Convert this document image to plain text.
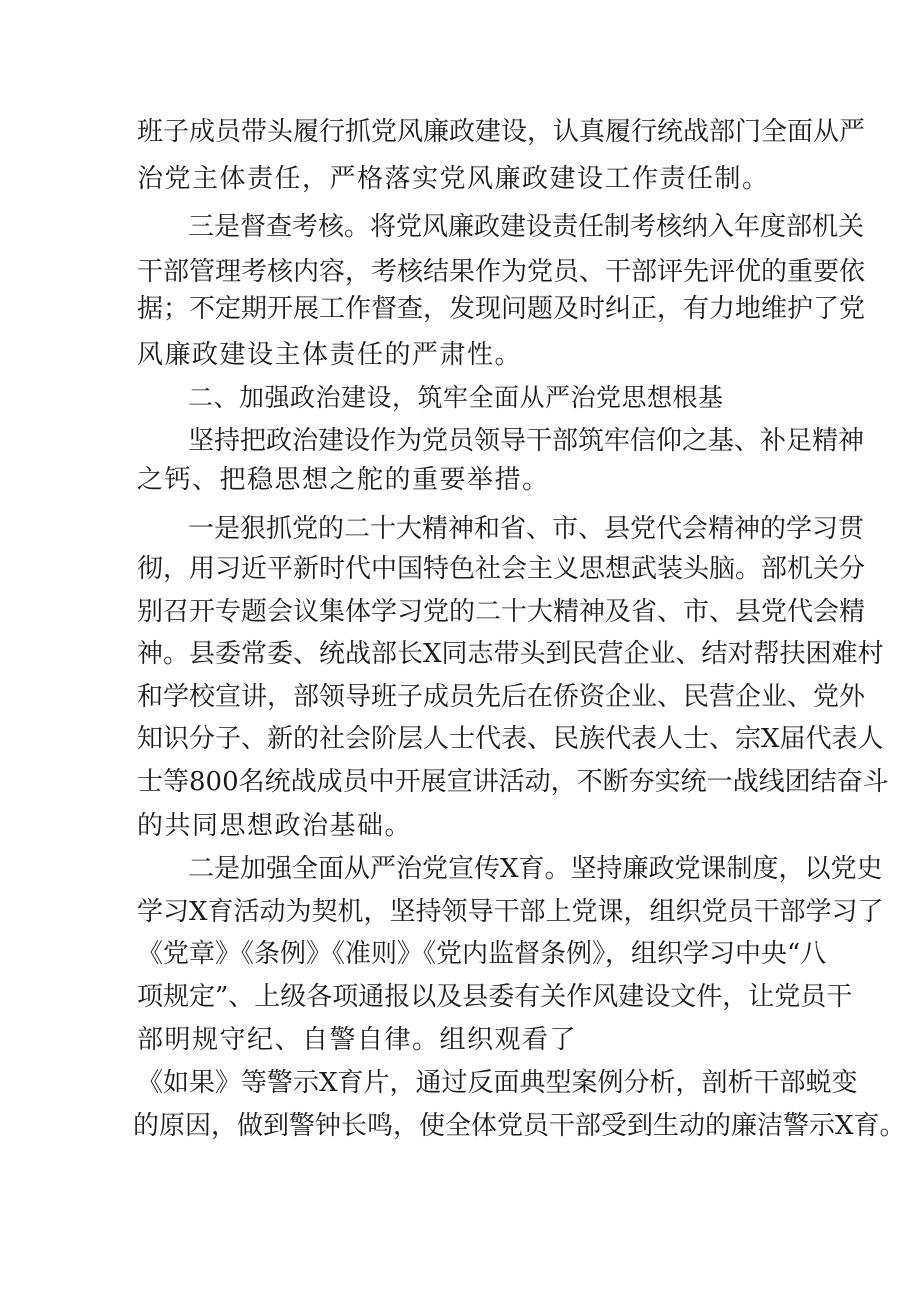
班子成员带头履行抓党风廉政建设，认真履行统战部门全面从严
治党主体责任，严格落实党风廉政建设工作责任制。
三是督查考核。将党风廉政建设责任制考核纳入年度部机关
干部管理考核内容，考核结果作为党员、干部评先评优的重要依
据；不定期开展工作督查，发现问题及时纠正，有力地维护了党
风廉政建设主体责任的严肃性。
二、加强政治建设，筑牢全面从严治党思想根基
坚持把政治建设作为党员领导干部筑牢信仰之基、补足精神
之钙、把稳思想之舵的重要举措。
一是狠抓党的二十大精神和省、市、县党代会精神的学习贯
彻，用习近平新时代中国特色社会主义思想武装头脑。部机关分
别召开专题会议集体学习党的二十大精神及省、市、县党代会精
神。县委常委、统战部长X同志带头到民营企业、结对帮扶困难村
和学校宣讲，部领导班子成员先后在侨资企业、民营企业、党外
知识分子、新的社会阶层人士代表、民族代表人士、宗X届代表人
士等800名统战成员中开展宣讲活动，不断夯实统一战线团结奋斗
的共同思想政治基础。
二是加强全面从严治党宣传X育。坚持廉政党课制度，以党史
学习X育活动为契机，坚持领导干部上党课，组织党员干部学习了
《党章》《条例》《准则》《党内监督条例》，组织学习中央“八
项规定”、上级各项通报以及县委有关作风建设文件，让党员干
部明规守纪、自警自律。组织观看了
《如果》等警示X育片，通过反面典型案例分析，剖析干部蜕变
的原因，做到警钟长鸣，使全体党员干部受到生动的廉洁警示X育。
